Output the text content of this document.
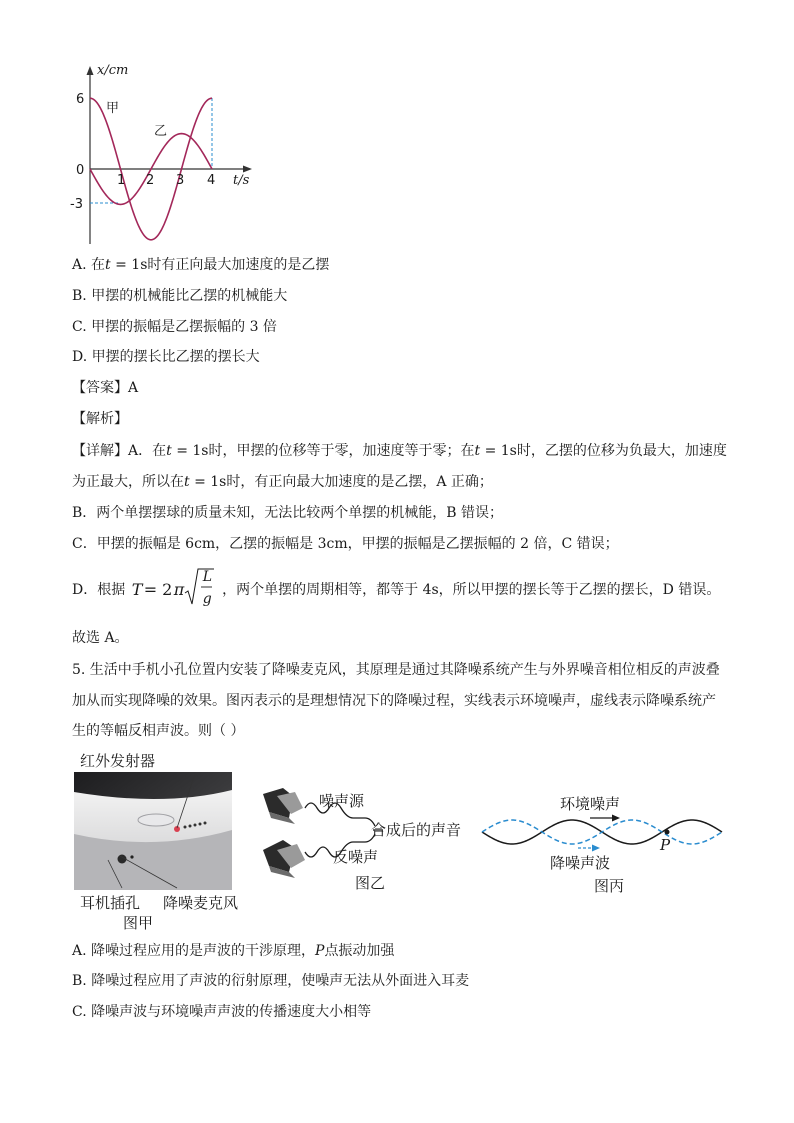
x/cm
t/s
6
0
-3
1 2 3 4
甲
乙
A. 在t = 1s时有正向最大加速度的是乙摆
B. 甲摆的机械能比乙摆的机械能大
C. 甲摆的振幅是乙摆振幅的 3 倍
D. 甲摆的摆长比乙摆的摆长大
【答案】A
【解析】
【详解】A．在t = 1s时，甲摆的位移等于零，加速度等于零；在t = 1s时，乙摆的位移为负最大，加速度
为正最大，所以在t = 1s时，有正向最大加速度的是乙摆，A 正确；
B．两个单摆摆球的质量未知，无法比较两个单摆的机械能，B 错误；
C．甲摆的振幅是 6cm，乙摆的振幅是 3cm，甲摆的振幅是乙摆振幅的 2 倍，C 错误；
D．根据 T = 2 π
L
g
，两个单摆的周期相等，都等于 4s，所以甲摆的摆长等于乙摆的摆长，D 错误。
故选 A。
5. 生活中手机小孔位置内安装了降噪麦克风，其原理是通过其降噪系统产生与外界噪音相位相反的声波叠
加从而实现降噪的效果。图丙表示的是理想情况下的降噪过程，实线表示环境噪声，虚线表示降噪系统产
生的等幅反相声波。则（ ）
红外发射器
耳机插孔 降噪麦克风
图甲
噪声源
合成后的声音
反噪声
图乙
P
环境噪声
降噪声波
图丙
A. 降噪过程应用的是声波的干涉原理，P点振动加强
B. 降噪过程应用了声波的衍射原理，使噪声无法从外面进入耳麦
C. 降噪声波与环境噪声声波的传播速度大小相等
